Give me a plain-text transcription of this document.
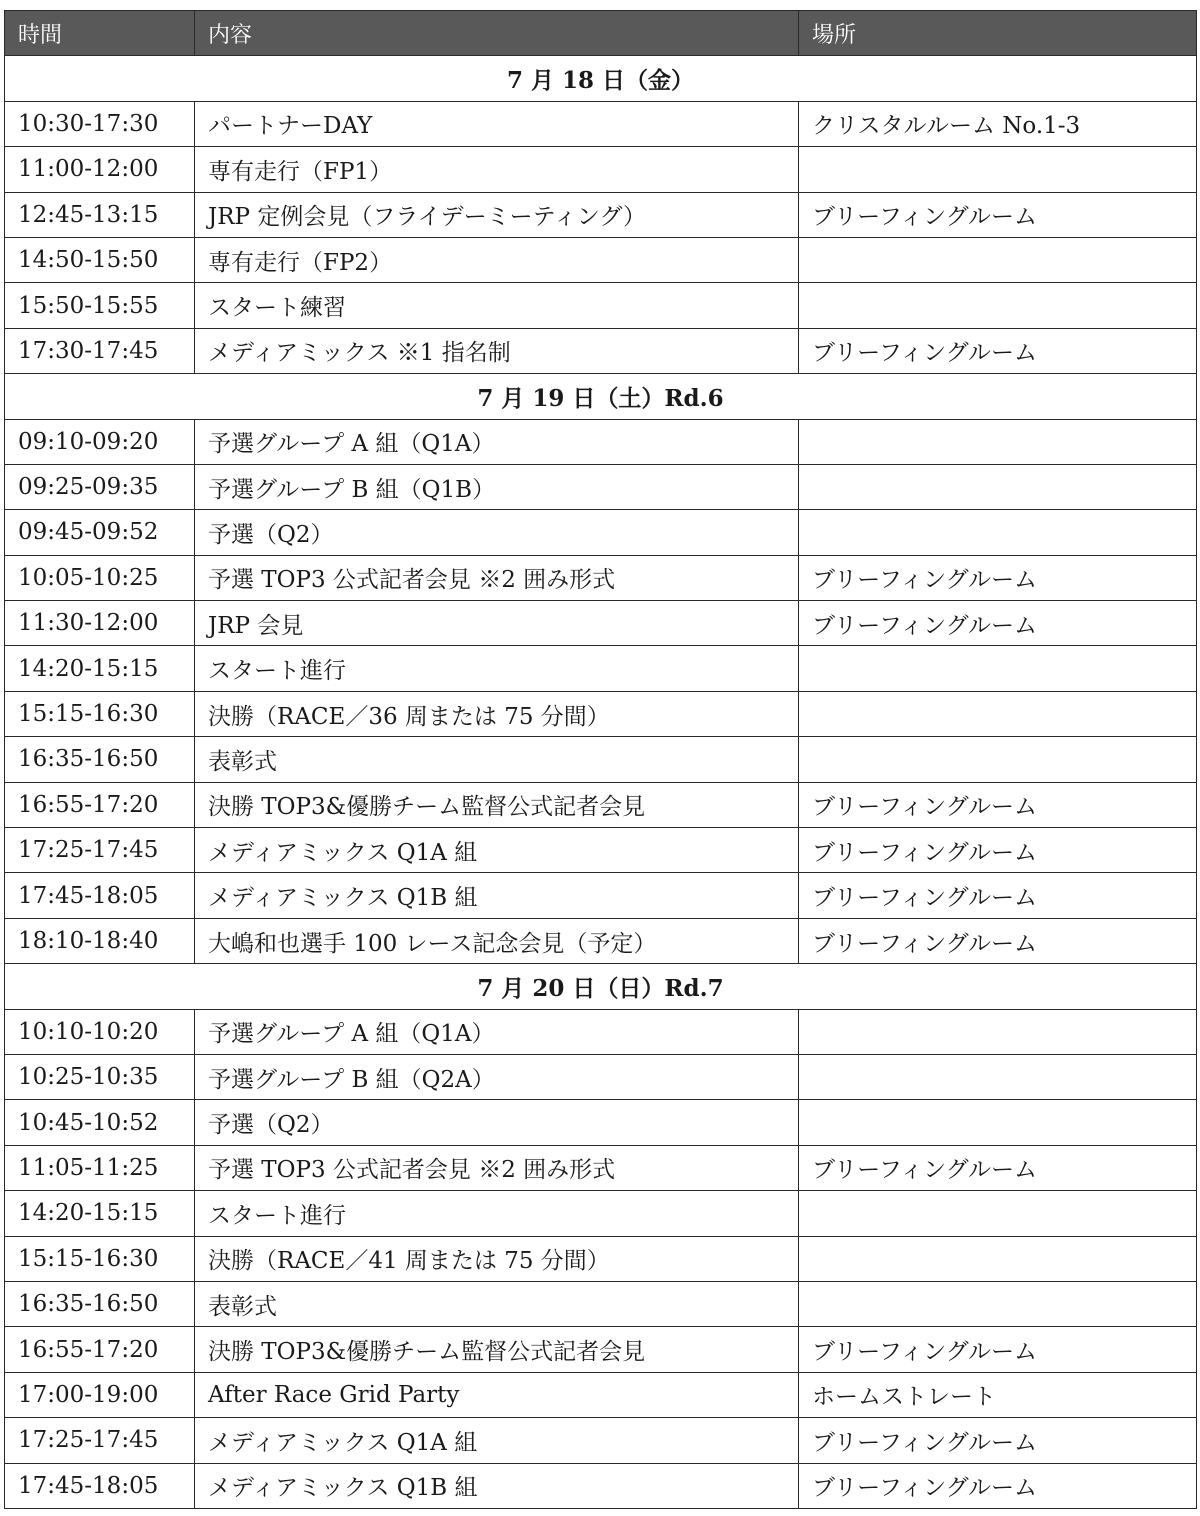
時間	内容	場所
7 月 18 日（金）		
10:30-17:30	パートナーDAY	クリスタルルーム No.1-3
11:00-12:00	専有走行（FP1）	
12:45-13:15	JRP 定例会見（フライデーミーティング）	ブリーフィングルーム
14:50-15:50	専有走行（FP2）	
15:50-15:55	スタート練習	
17:30-17:45	メディアミックス ※1 指名制	ブリーフィングルーム
7 月 19 日（土）Rd.6		
09:10-09:20	予選グループ A 組（Q1A）	
09:25-09:35	予選グループ B 組（Q1B）	
09:45-09:52	予選（Q2）	
10:05-10:25	予選 TOP3 公式記者会見 ※2 囲み形式	ブリーフィングルーム
11:30-12:00	JRP 会見	ブリーフィングルーム
14:20-15:15	スタート進行	
15:15-16:30	決勝（RACE／36 周または 75 分間）	
16:35-16:50	表彰式	
16:55-17:20	決勝 TOP3&優勝チーム監督公式記者会見	ブリーフィングルーム
17:25-17:45	メディアミックス Q1A 組	ブリーフィングルーム
17:45-18:05	メディアミックス Q1B 組	ブリーフィングルーム
18:10-18:40	大嶋和也選手 100 レース記念会見（予定）	ブリーフィングルーム
7 月 20 日（日）Rd.7		
10:10-10:20	予選グループ A 組（Q1A）	
10:25-10:35	予選グループ B 組（Q2A）	
10:45-10:52	予選（Q2）	
11:05-11:25	予選 TOP3 公式記者会見 ※2 囲み形式	ブリーフィングルーム
14:20-15:15	スタート進行	
15:15-16:30	決勝（RACE／41 周または 75 分間）	
16:35-16:50	表彰式	
16:55-17:20	決勝 TOP3&優勝チーム監督公式記者会見	ブリーフィングルーム
17:00-19:00	After Race Grid Party	ホームストレート
17:25-17:45	メディアミックス Q1A 組	ブリーフィングルーム
17:45-18:05	メディアミックス Q1B 組	ブリーフィングルーム
